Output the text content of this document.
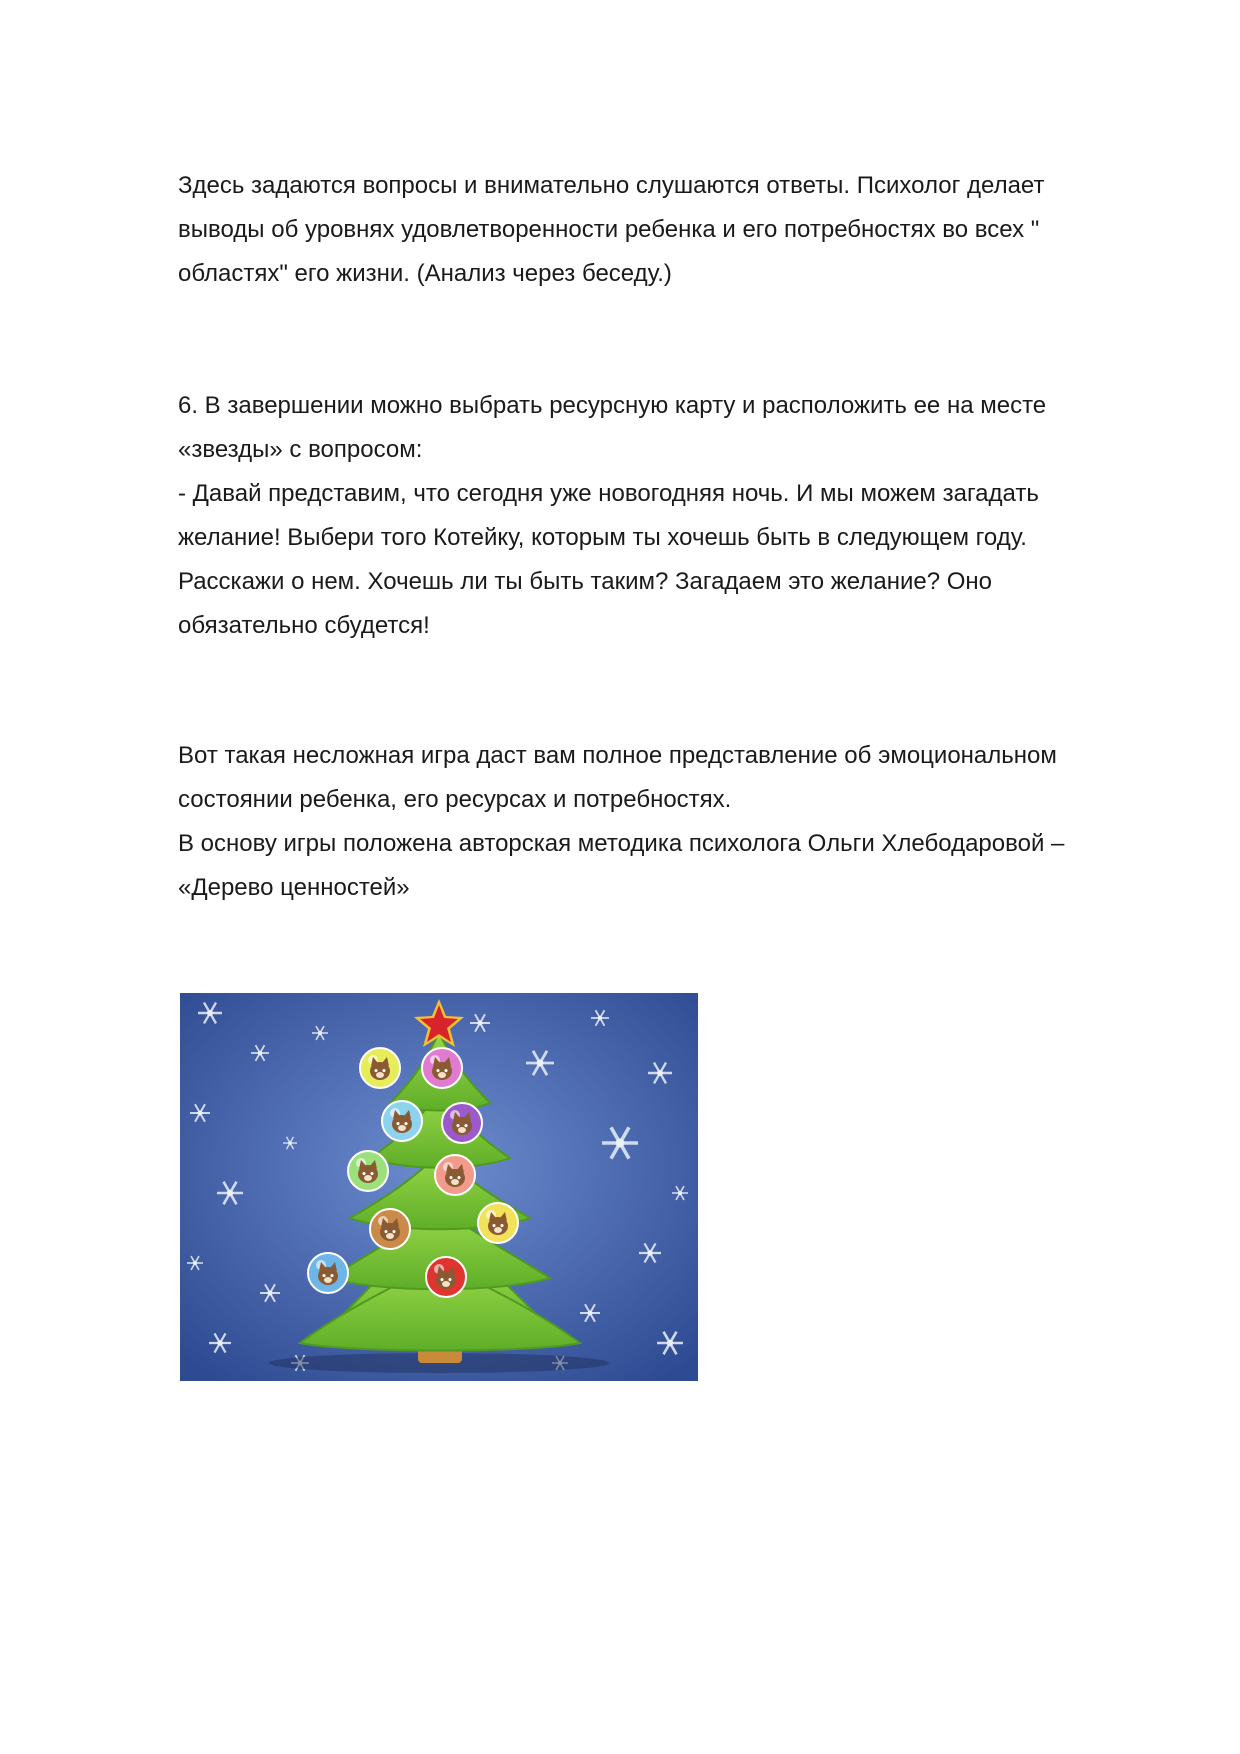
Здесь задаются вопросы и внимательно слушаются ответы. Психолог делает
выводы об уровнях удовлетворенности ребенка и его потребностях во всех "
областях" его жизни. (Анализ через беседу.)
6. В завершении можно выбрать ресурсную карту и расположить ее на месте
«звезды» с вопросом:
- Давай представим, что сегодня уже новогодняя ночь. И мы можем загадать
желание! Выбери того Котейку, которым ты хочешь быть в следующем году.
Расскажи о нем. Хочешь ли ты быть таким? Загадаем это желание? Оно
обязательно сбудется!
Вот такая несложная игра даст вам полное представление об эмоциональном
состоянии ребенка, его ресурсах и потребностях.
В основу игры положена авторская методика психолога Ольги Хлебодаровой –
«Дерево ценностей»
